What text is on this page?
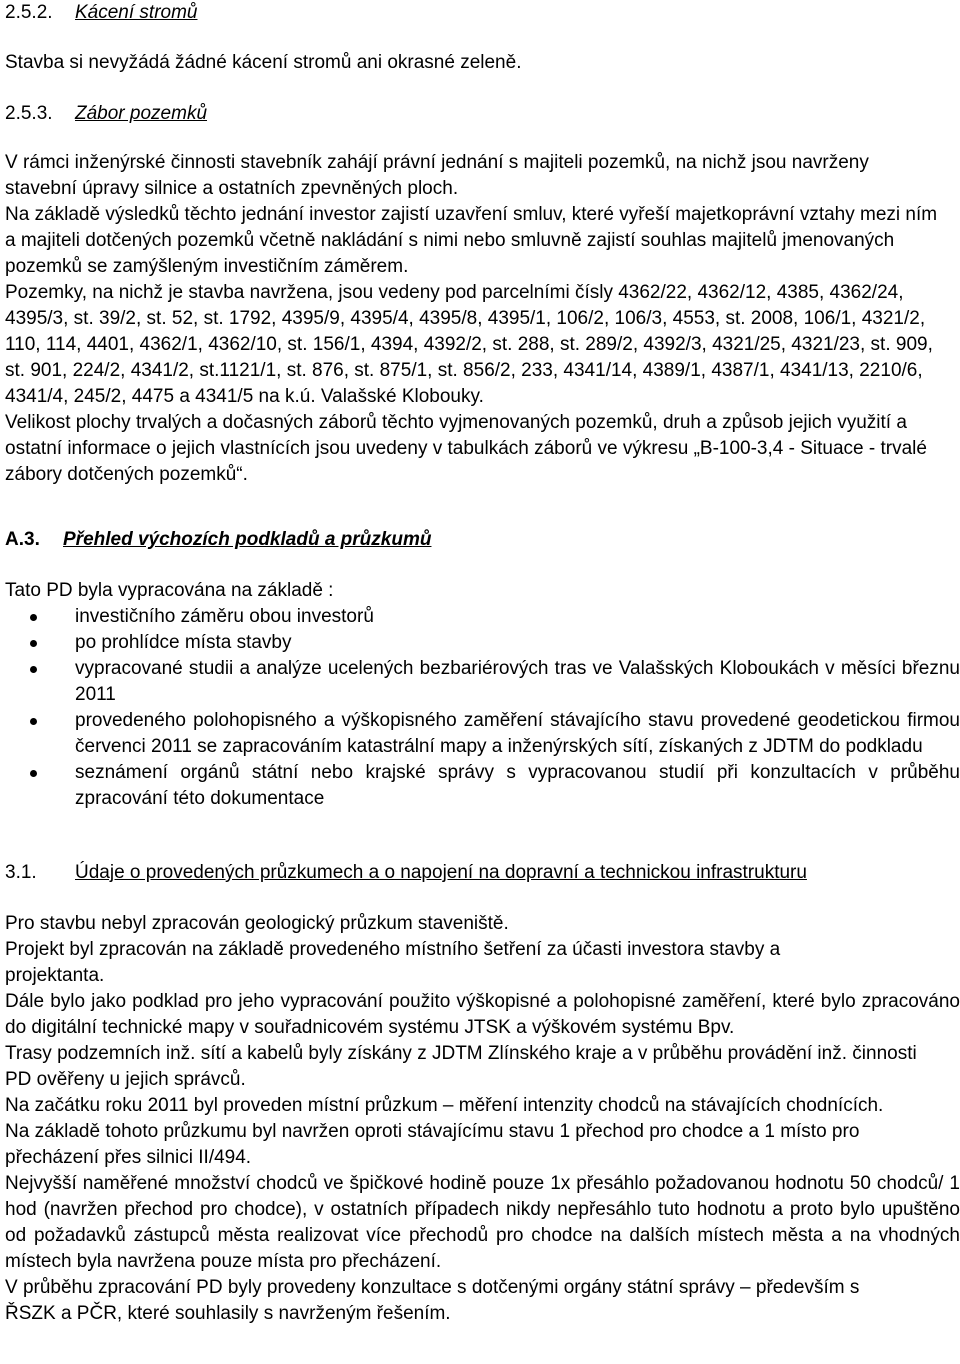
2.5.2. Kácení stromů

Stavba si nevyžádá žádné kácení stromů ani okrasné zeleně.

2.5.3. Zábor pozemků

V rámci inženýrské činnosti stavebník zahájí právní jednání s majiteli pozemků, na nichž jsou navrženy stavební úpravy silnice a ostatních zpevněných ploch.

Na základě výsledků těchto jednání investor zajistí uzavření smluv, které vyřeší majetkoprávní vztahy mezi ním a majiteli dotčených pozemků včetně nakládání s nimi nebo smluvně zajistí souhlas majitelů jmenovaných pozemků se zamýšleným investičním záměrem.

Pozemky, na nichž je stavba navržena, jsou vedeny pod parcelními čísly 4362/22, 4362/12, 4385, 4362/24, 4395/3, st. 39/2, st. 52, st. 1792, 4395/9, 4395/4, 4395/8, 4395/1, 106/2, 106/3, 4553, st. 2008, 106/1, 4321/2, 110, 114, 4401, 4362/1, 4362/10, st. 156/1, 4394, 4392/2, st. 288, st. 289/2, 4392/3, 4321/25, 4321/23, st. 909, st. 901, 224/2, 4341/2, st.1121/1, st. 876, st. 875/1, st. 856/2, 233, 4341/14, 4389/1, 4387/1, 4341/13, 2210/6, 4341/4, 245/2, 4475 a 4341/5 na k.ú. Valašské Klobouky.

Velikost plochy trvalých a dočasných záborů těchto vyjmenovaných pozemků, druh a způsob jejich využití a ostatní informace o jejich vlastnících jsou uvedeny v tabulkách záborů ve výkresu „B-100-3,4 - Situace - trvalé zábory dotčených pozemků“.

A.3. Přehled výchozích podkladů a průzkumů

Tato PD byla vypracována na základě :

investičního záměru obou investorů
po prohlídce místa stavby
vypracované studii a analýze ucelených bezbariérových tras ve Valašských Kloboukách v měsíci březnu 2011
provedeného polohopisného a výškopisného zaměření stávajícího stavu provedené geodetickou firmou červenci 2011 se zapracováním katastrální mapy a inženýrských sítí, získaných z JDTM do podkladu
seznámení orgánů státní nebo krajské správy s vypracovanou studií při konzultacích v průběhu zpracování této dokumentace

3.1. Údaje o provedených průzkumech a o napojení na dopravní a technickou infrastrukturu

Pro stavbu nebyl zpracován geologický průzkum staveniště.

Projekt byl zpracován na základě provedeného místního šetření za účasti investora stavby a projektanta.

Dále bylo jako podklad pro jeho vypracování použito výškopisné a polohopisné zaměření, které bylo zpracováno do digitální technické mapy v souřadnicovém systému JTSK a výškovém systému Bpv.

Trasy podzemních inž. sítí a kabelů byly získány z JDTM Zlínského kraje a v průběhu provádění inž. činnosti PD ověřeny u jejich správců.

Na začátku roku 2011 byl proveden místní průzkum – měření intenzity chodců na stávajících chodnících.

Na základě tohoto průzkumu byl navržen oproti stávajícímu stavu 1 přechod pro chodce a 1 místo pro přecházení přes silnici II/494.

Nejvyšší naměřené množství chodců ve špičkové hodině pouze 1x přesáhlo požadovanou hodnotu 50 chodců/ 1 hod (navržen přechod pro chodce), v ostatních případech nikdy nepřesáhlo tuto hodnotu a proto bylo upuštěno od požadavků zástupců města realizovat více přechodů pro chodce na dalších místech města a na vhodných místech byla navržena pouze místa pro přecházení.

V průběhu zpracování PD byly provedeny konzultace s dotčenými orgány státní správy – především s ŘSZK a PČR, které souhlasily s navrženým řešením.
